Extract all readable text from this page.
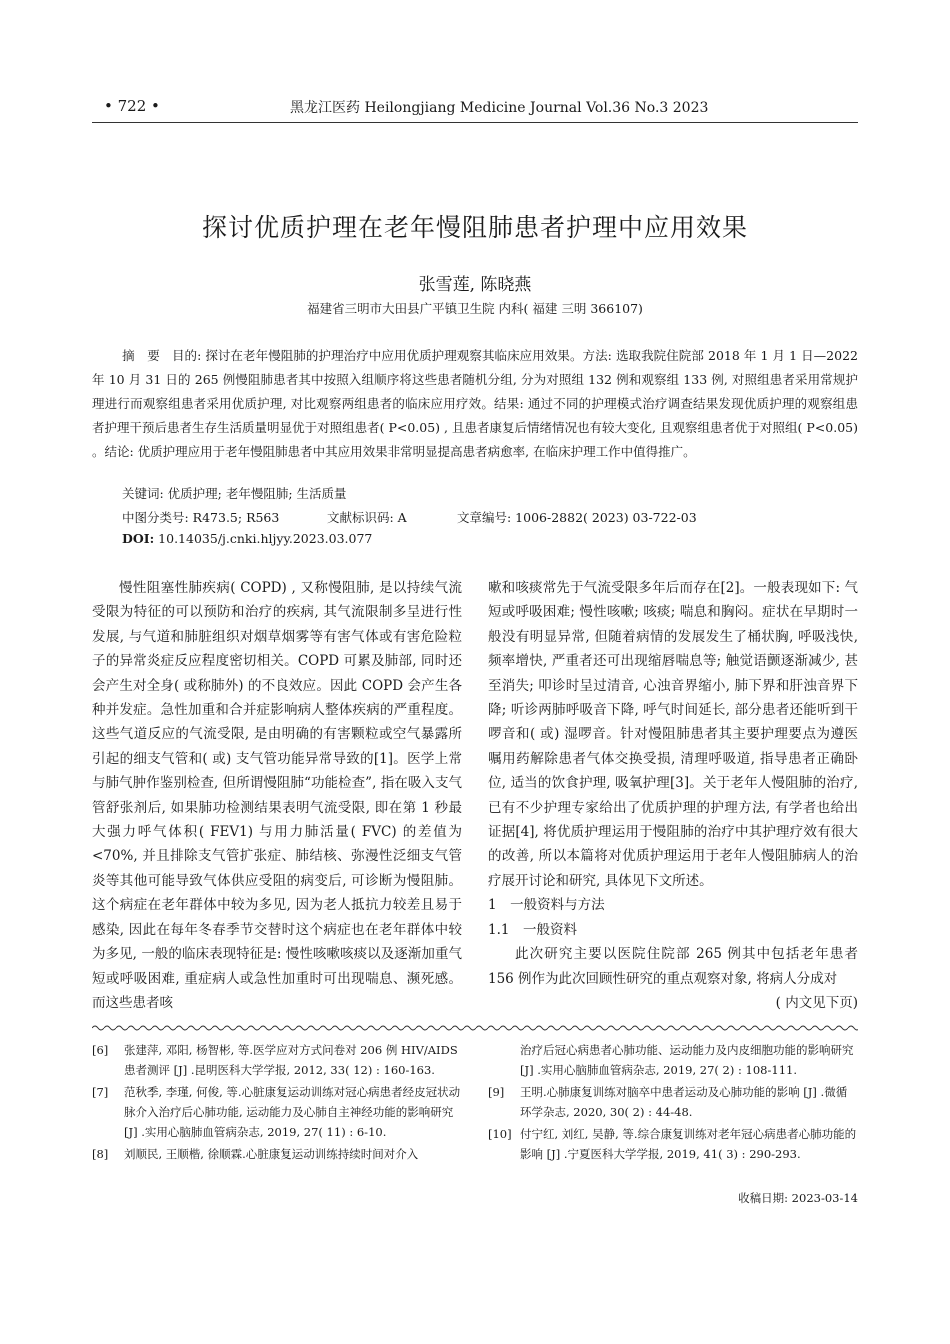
• 722 •	黑龙江医药 Heilongjiang Medicine Journal Vol.36 No.3 2023
探讨优质护理在老年慢阻肺患者护理中应用效果
张雪莲, 陈晓燕
福建省三明市大田县广平镇卫生院 内科( 福建 三明 366107)
摘　要 目的: 探讨在老年慢阻肺的护理治疗中应用优质护理观察其临床应用效果。方法: 选取我院住院部 2018 年 1 月 1 日—2022 年 10 月 31 日的 265 例慢阻肺患者其中按照入组顺序将这些患者随机分组, 分为对照组 132 例和观察组 133 例, 对照组患者采用常规护理进行而观察组患者采用优质护理, 对比观察两组患者的临床应用疗效。结果: 通过不同的护理模式治疗调查结果发现优质护理的观察组患者护理干预后患者生存生活质量明显优于对照组患者( P<0.05) , 且患者康复后情绪情况也有较大变化, 且观察组患者优于对照组( P<0.05) 。结论: 优质护理应用于老年慢阻肺患者中其应用效果非常明显提高患者病愈率, 在临床护理工作中值得推广。
关键词: 优质护理; 老年慢阻肺; 生活质量
中图分类号: R473.5; R563	文献标识码: A	文章编号: 1006-2882( 2023) 03-722-03
DOI: 10.14035/j.cnki.hljyy.2023.03.077

慢性阻塞性肺疾病( COPD) , 又称慢阻肺, 是以持续气流受限为特征的可以预防和治疗的疾病, 其气流限制多呈进行性发展, 与气道和肺脏组织对烟草烟雾等有害气体或有害危险粒子的异常炎症反应程度密切相关。COPD 可累及肺部, 同时还会产生对全身( 或称肺外) 的不良效应。因此 COPD 会产生各种并发症。急性加重和合并症影响病人整体疾病的严重程度。这些气道反应的气流受限, 是由明确的有害颗粒或空气暴露所引起的细支气管和( 或) 支气管功能异常导致的[1]。医学上常与肺气肿作鉴别检查, 但所谓慢阻肺“功能检查”, 指在吸入支气管舒张剂后, 如果肺功检测结果表明气流受限, 即在第 1 秒最大强力呼气体积( FEV1) 与用力肺活量( FVC) 的差值为<70%, 并且排除支气管扩张症、肺结核、弥漫性泛细支气管炎等其他可能导致气体供应受阻的病变后, 可诊断为慢阻肺。这个病症在老年群体中较为多见, 因为老人抵抗力较差且易于感染, 因此在每年冬春季节交替时这个病症也在老年群体中较为多见, 一般的临床表现特征是: 慢性咳嗽咳痰以及逐渐加重气短或呼吸困难, 重症病人或急性加重时可出现喘息、濒死感。而这些患者咳

嗽和咳痰常先于气流受限多年后而存在[2]。一般表现如下: 气短或呼吸困难; 慢性咳嗽; 咳痰; 喘息和胸闷。症状在早期时一般没有明显异常, 但随着病情的发展发生了桶状胸, 呼吸浅快, 频率增快, 严重者还可出现缩唇喘息等; 触觉语颤逐渐减少, 甚至消失; 叩诊时呈过清音, 心浊音界缩小, 肺下界和肝浊音界下降; 听诊两肺呼吸音下降, 呼气时间延长, 部分患者还能听到干啰音和( 或) 湿啰音。针对慢阻肺患者其主要护理要点为遵医嘱用药解除患者气体交换受损, 清理呼吸道, 指导患者正确卧位, 适当的饮食护理, 吸氧护理[3]。关于老年人慢阻肺的治疗, 已有不少护理专家给出了优质护理的护理方法, 有学者也给出证据[4], 将优质护理运用于慢阻肺的治疗中其护理疗效有很大的改善, 所以本篇将对优质护理运用于老年人慢阻肺病人的治疗展开讨论和研究, 具体见下文所述。

1　一般资料与方法

1.1　一般资料

此次研究主要以医院住院部 265 例其中包括老年患者 156 例作为此次回顾性研究的重点观察对象, 将病人分成对

( 内文见下页)

[6] 张建萍, 邓阳, 杨智彬, 等.医学应对方式问卷对 206 例 HIV/AIDS 患者测评 [J] .昆明医科大学学报, 2012, 33( 12) : 160-163.
[7] 范秋季, 李瑾, 何俊, 等.心脏康复运动训练对冠心病患者经皮冠状动脉介入治疗后心肺功能, 运动能力及心肺自主神经功能的影响研究 [J] .实用心脑肺血管病杂志, 2019, 27( 11) : 6-10.
[8] 刘顺民, 王顺楷, 徐顺霖.心脏康复运动训练持续时间对介入
治疗后冠心病患者心肺功能、运动能力及内皮细胞功能的影响研究 [J] .实用心脑肺血管病杂志, 2019, 27( 2) : 108-111.
[9] 王明.心肺康复训练对脑卒中患者运动及心肺功能的影响 [J] .微循环学杂志, 2020, 30( 2) : 44-48.
[10] 付宁红, 刘红, 吴静, 等.综合康复训练对老年冠心病患者心肺功能的影响 [J] .宁夏医科大学学报, 2019, 41( 3) : 290-293.
收稿日期: 2023-03-14
